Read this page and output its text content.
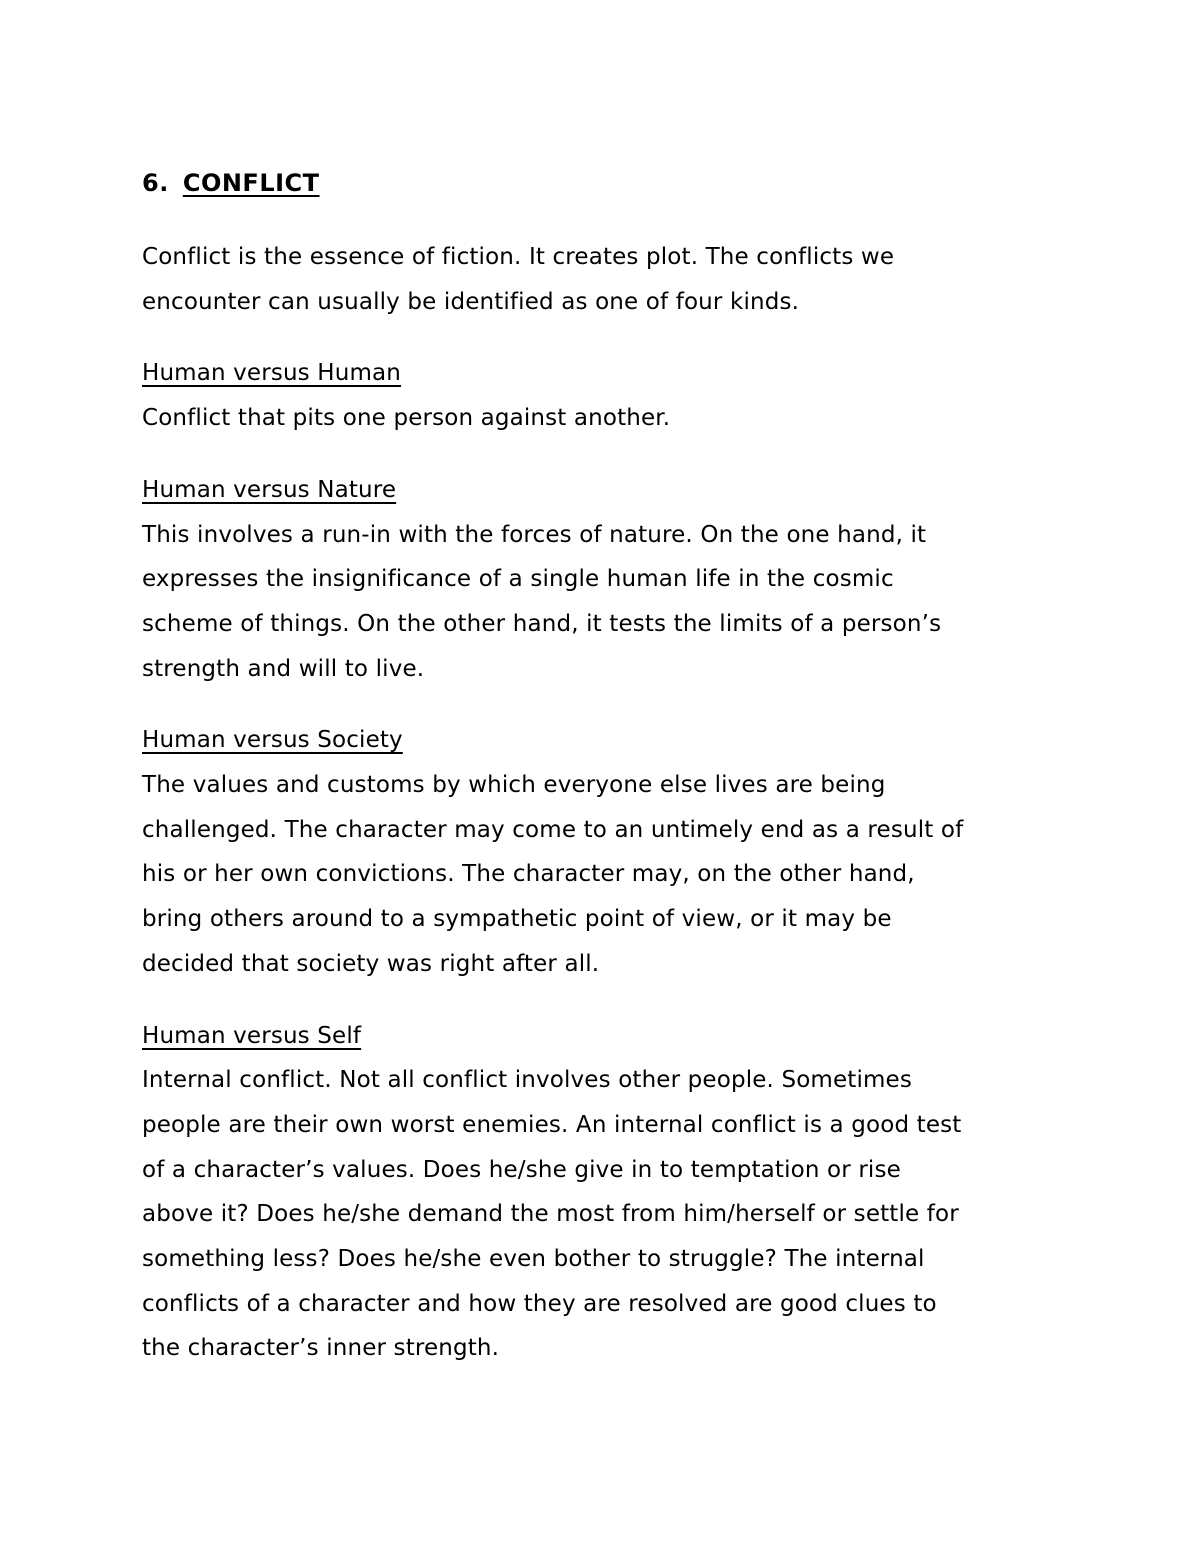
6. CONFLICT

Conflict is the essence of fiction. It creates plot. The conflicts we
encounter can usually be identified as one of four kinds.

Human versus Human
Conflict that pits one person against another.

Human versus Nature
This involves a run-in with the forces of nature. On the one hand, it
expresses the insignificance of a single human life in the cosmic
scheme of things. On the other hand, it tests the limits of a person’s
strength and will to live.

Human versus Society
The values and customs by which everyone else lives are being
challenged. The character may come to an untimely end as a result of
his or her own convictions. The character may, on the other hand,
bring others around to a sympathetic point of view, or it may be
decided that society was right after all.

Human versus Self
Internal conflict. Not all conflict involves other people. Sometimes
people are their own worst enemies. An internal conflict is a good test
of a character’s values. Does he/she give in to temptation or rise
above it? Does he/she demand the most from him/herself or settle for
something less? Does he/she even bother to struggle? The internal
conflicts of a character and how they are resolved are good clues to
the character’s inner strength.
